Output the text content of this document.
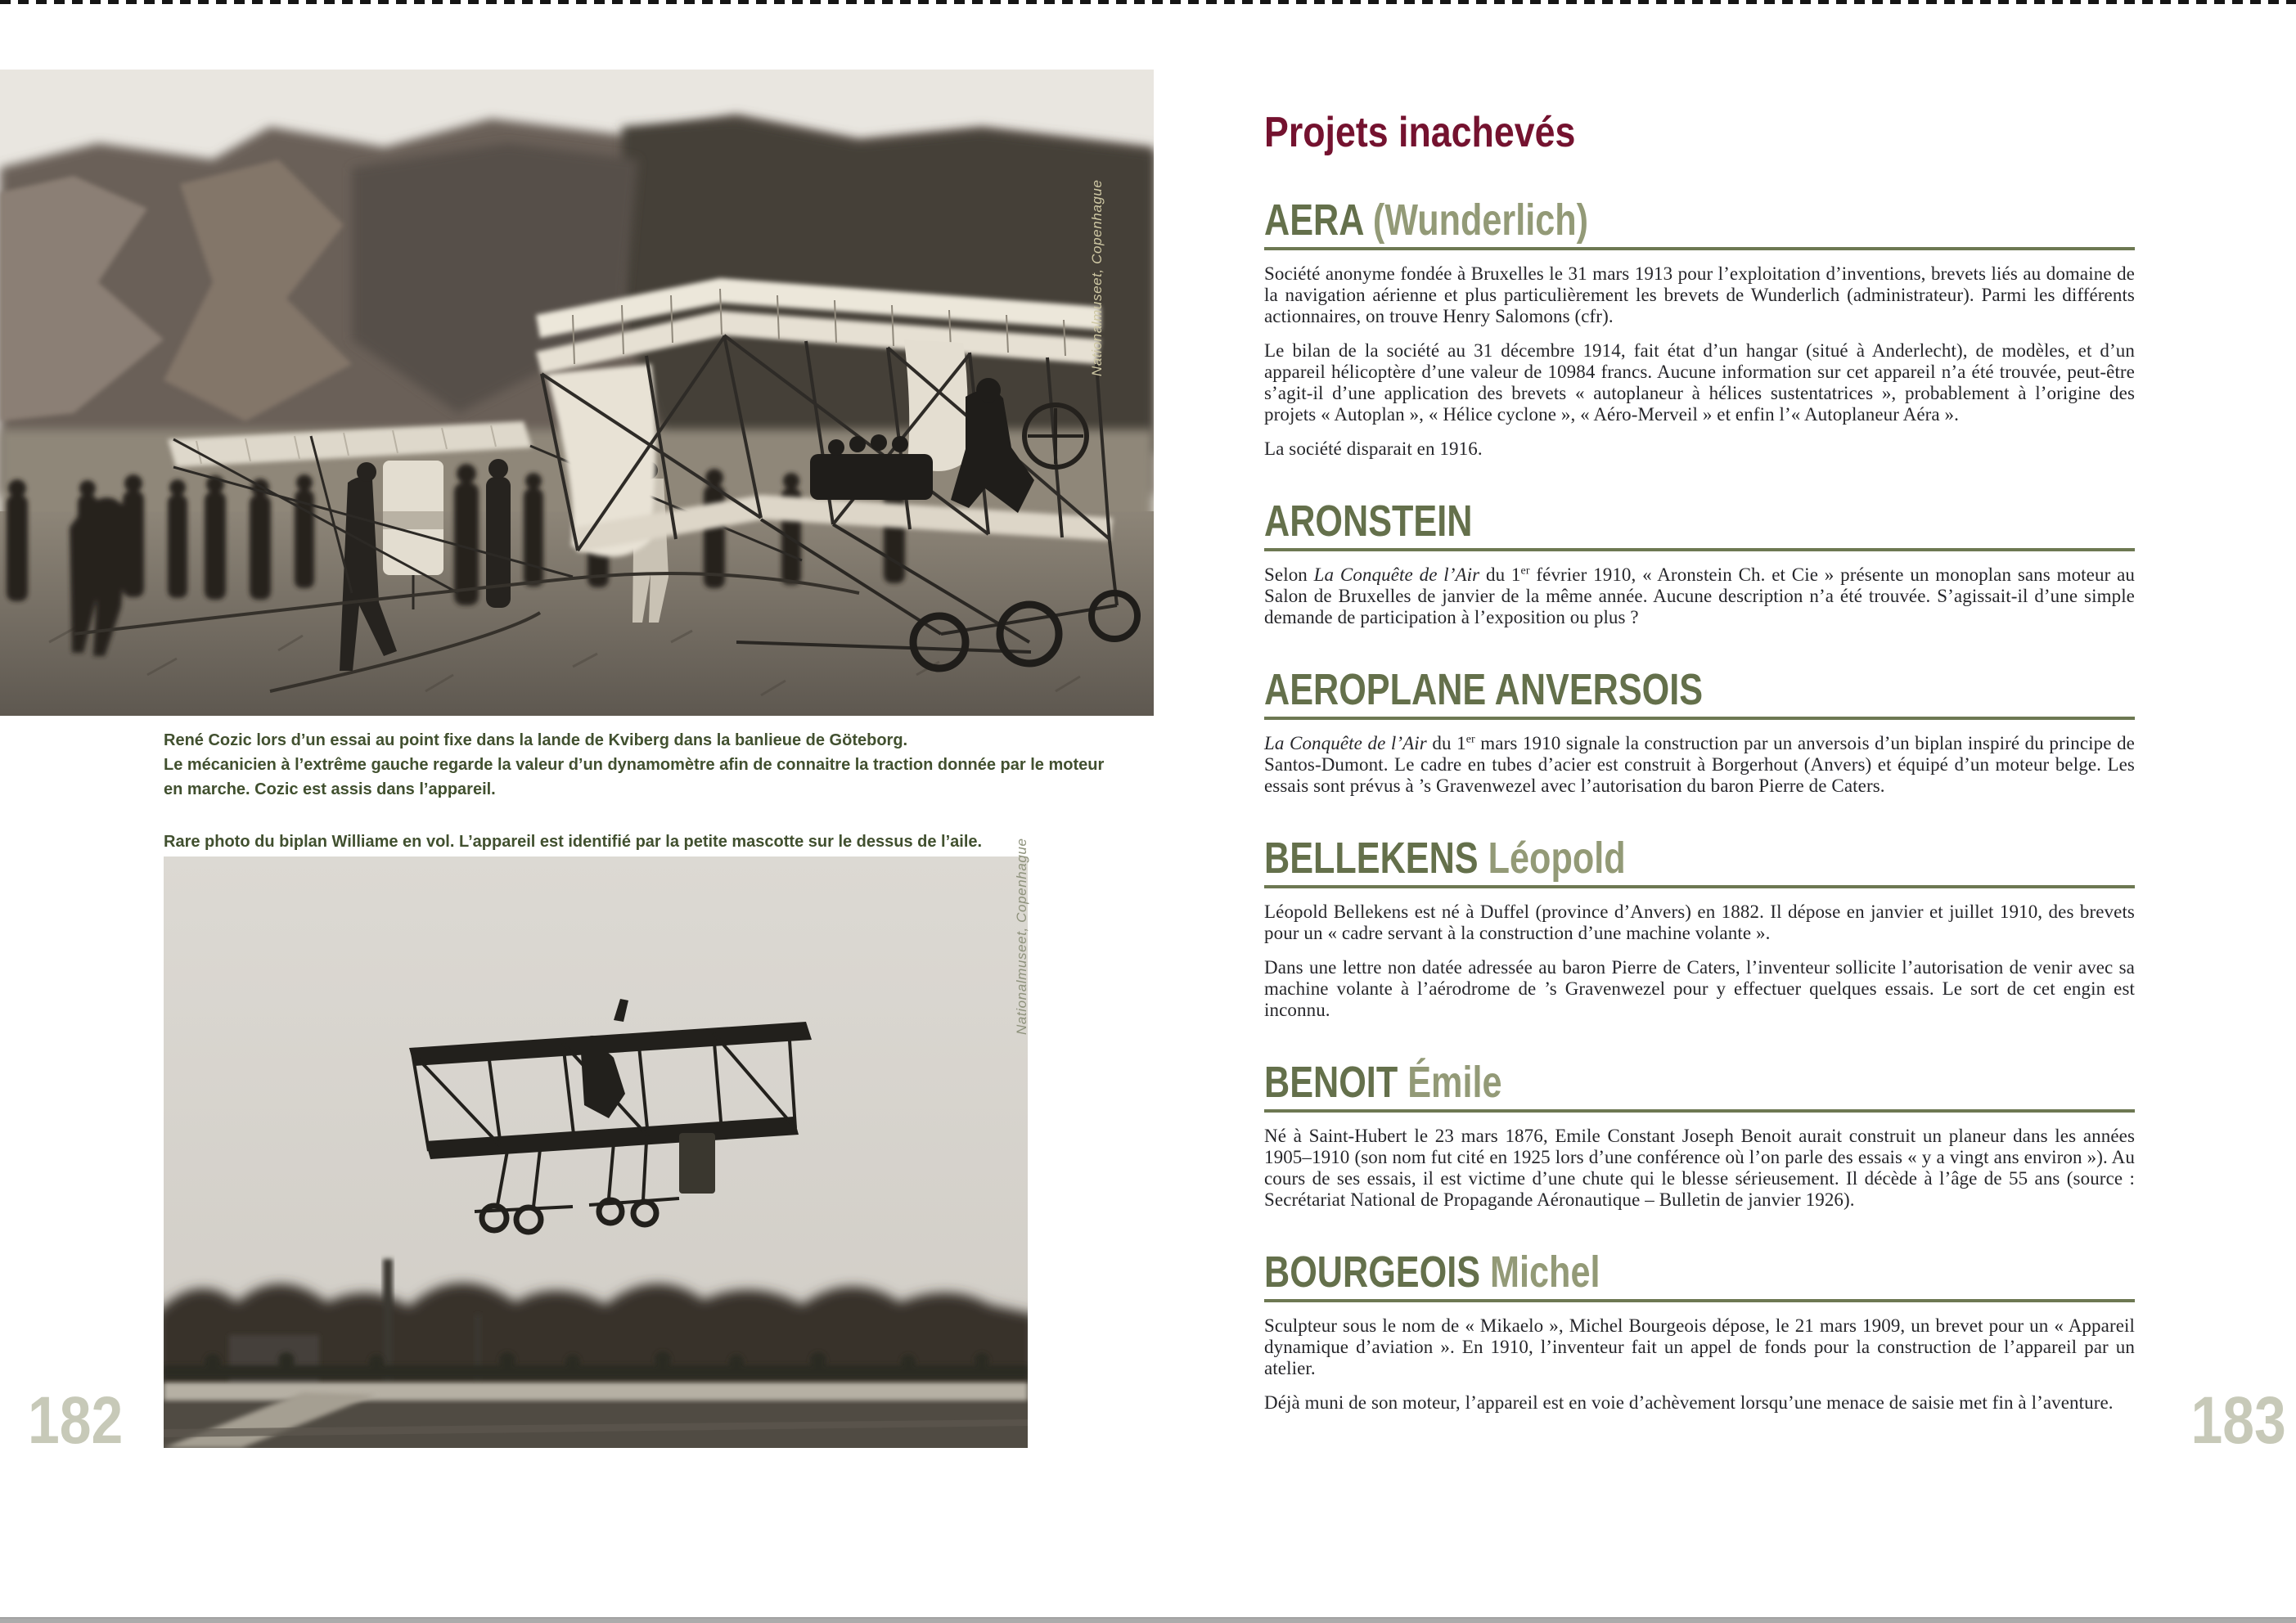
Nationalmuseet, Copenhague
René Cozic lors d’un essai au point fixe dans la lande de Kviberg dans la banlieue de Göteborg.
Le mécanicien à l’extrême gauche regarde la valeur d’un dynamomètre afin de connaitre la traction donnée par le moteur
en marche. Cozic est assis dans l’appareil.
Rare photo du biplan Williame en vol. L’appareil est identifié par la petite mascotte sur le dessus de l’aile.	Nationalmuseet, Copenhague
182
Projets inachevés
AERA (Wunderlich)

Société anonyme fondée à Bruxelles le 31 mars 1913 pour l’exploitation d’inventions, brevets liés au domaine de la navigation aérienne et plus particulièrement les brevets de Wunderlich (administrateur). Parmi les différents actionnaires, on trouve Henry Salomons (cfr).

Le bilan de la société au 31 décembre 1914, fait état d’un hangar (situé à Anderlecht), de modèles, et d’un appareil hélicoptère d’une valeur de 10984 francs. Aucune information sur cet appareil n’a été trouvée, peut-être s’agit-il d’une application des brevets « autoplaneur à hélices sustentatrices », probablement à l’origine des projets « Autoplan », « Hélice cyclone », « Aéro-Merveil » et enfin l’« Autoplaneur Aéra ».

La société disparait en 1916.

ARONSTEIN

Selon La Conquête de l’Air du 1er février 1910, « Aronstein Ch. et Cie » présente un monoplan sans moteur au Salon de Bruxelles de janvier de la même année. Aucune description n’a été trouvée. S’agissait-il d’une simple demande de participation à l’exposition ou plus ?

AEROPLANE ANVERSOIS

La Conquête de l’Air du 1er mars 1910 signale la construction par un anversois d’un biplan inspiré du principe de Santos-Dumont. Le cadre en tubes d’acier est construit à Borgerhout (Anvers) et équipé d’un moteur belge. Les essais sont prévus à ’s Gravenwezel avec l’autorisation du baron Pierre de Caters.

BELLEKENS Léopold

Léopold Bellekens est né à Duffel (province d’Anvers) en 1882. Il dépose en janvier et juillet 1910, des brevets pour un « cadre servant à la construction d’une machine volante ».

Dans une lettre non datée adressée au baron Pierre de Caters, l’inventeur sollicite l’autorisation de venir avec sa machine volante à l’aérodrome de ’s Gravenwezel pour y effectuer quelques essais. Le sort de cet engin est inconnu.

BENOIT Émile

Né à Saint-Hubert le 23 mars 1876, Emile Constant Joseph Benoit aurait construit un planeur dans les années 1905–1910 (son nom fut cité en 1925 lors d’une conférence où l’on parle des essais « y a vingt ans environ »). Au cours de ses essais, il est victime d’une chute qui le blesse sérieusement. Il décède à l’âge de 55 ans (source : Secrétariat National de Propagande Aéronautique – Bulletin de janvier 1926).

BOURGEOIS Michel

Sculpteur sous le nom de « Mikaelo », Michel Bourgeois dépose, le 21 mars 1909, un brevet pour un « Appareil dynamique d’aviation ». En 1910, l’inventeur fait un appel de fonds pour la construction de l’appareil par un atelier.

Déjà muni de son moteur, l’appareil est en voie d’achèvement lorsqu’une menace de saisie met fin à l’aventure.	183
